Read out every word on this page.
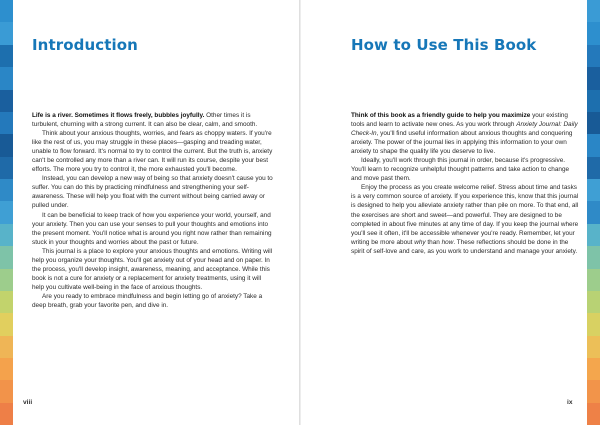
Introduction

Life is a river. Sometimes it flows freely, bubbles joyfully. Other times it is turbulent, churning with a strong current. It can also be clear, calm, and smooth.

Think about your anxious thoughts, worries, and fears as choppy waters. If you're like the rest of us, you may struggle in these places—gasping and treading water, unable to flow forward. It's normal to try to control the current. But the truth is, anxiety can't be controlled any more than a river can. It will run its course, despite your best efforts. The more you try to control it, the more exhausted you'll become.

Instead, you can develop a new way of being so that anxiety doesn't cause you to suffer. You can do this by practicing mindfulness and strengthening your self-awareness. These will help you float with the current without being carried away or pulled under.

It can be beneficial to keep track of how you experience your world, yourself, and your anxiety. Then you can use your senses to pull your thoughts and emotions into the present moment. You'll notice what is around you right now rather than remaining stuck in your thoughts and worries about the past or future.

This journal is a place to explore your anxious thoughts and emotions. Writing will help you organize your thoughts. You'll get anxiety out of your head and on paper. In the process, you'll develop insight, awareness, meaning, and acceptance. While this book is not a cure for anxiety or a replacement for anxiety treatments, using it will help you cultivate well-being in the face of anxious thoughts.

Are you ready to embrace mindfulness and begin letting go of anxiety? Take a deep breath, grab your favorite pen, and dive in.

viii
How to Use This Book

Think of this book as a friendly guide to help you maximize your existing tools and learn to activate new ones. As you work through Anxiety Journal: Daily Check-In, you'll find useful information about anxious thoughts and conquering anxiety. The power of the journal lies in applying this information to your own anxiety to shape the quality life you deserve to live.

Ideally, you'll work through this journal in order, because it's progressive. You'll learn to recognize unhelpful thought patterns and take action to change and move past them.

Enjoy the process as you create welcome relief. Stress about time and tasks is a very common source of anxiety. If you experience this, know that this journal is designed to help you alleviate anxiety rather than pile on more. To that end, all the exercises are short and sweet—and powerful. They are designed to be completed in about five minutes at any time of day. If you keep the journal where you'll see it often, it'll be accessible whenever you're ready. Remember, let your writing be more about why than how. These reflections should be done in the spirit of self-love and care, as you work to understand and manage your anxiety.

ix
